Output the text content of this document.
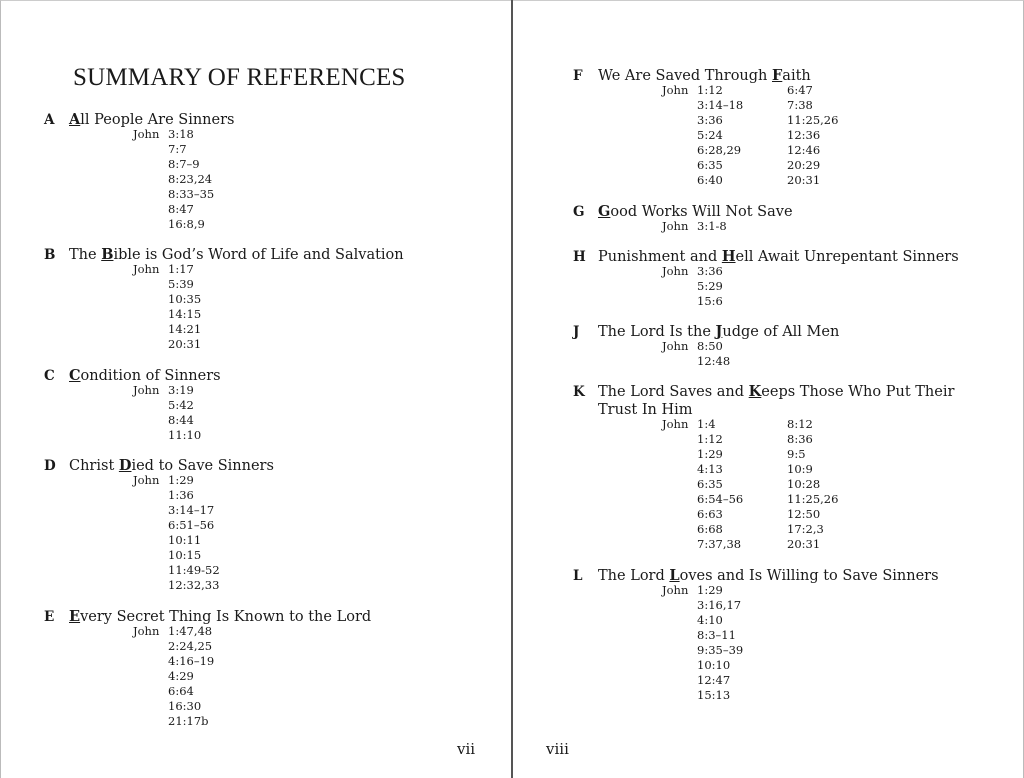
SUMMARY OF REFERENCES
A All People Are Sinners
John 3:18
7:7
8:7–9
8:23,24
8:33–35
8:47
16:8,9
B The Bible is God’s Word of Life and Salvation
John 1:17
5:39
10:35
14:15
14:21
20:31
C Condition of Sinners
John 3:19
5:42
8:44
11:10
D Christ Died to Save Sinners
John 1:29
1:36
3:14–17
6:51–56
10:11
10:15
11:49-52
12:32,33
E Every Secret Thing Is Known to the Lord
John 1:47,48
2:24,25
4:16–19
4:29
6:64
16:30
21:17b
F We Are Saved Through Faith
John 1:12
3:14–18
3:36
5:24
6:28,29
6:35
6:40
6:47
7:38
11:25,26
12:36
12:46
20:29
20:31
G Good Works Will Not Save
John 3:1-8
H Punishment and Hell Await Unrepentant Sinners
John 3:36
5:29
15:6
J The Lord Is the Judge of All Men
John 8:50
12:48
K The Lord Saves and Keeps Those Who Put Their Trust In Him
John 1:4
1:12
1:29
4:13
6:35
6:54–56
6:63
6:68
7:37,38
8:12
8:36
9:5
10:9
10:28
11:25,26
12:50
17:2,3
20:31
L The Lord Loves and Is Willing to Save Sinners
John 1:29
3:16,17
4:10
8:3–11
9:35–39
10:10
12:47
15:13
vii	viii
